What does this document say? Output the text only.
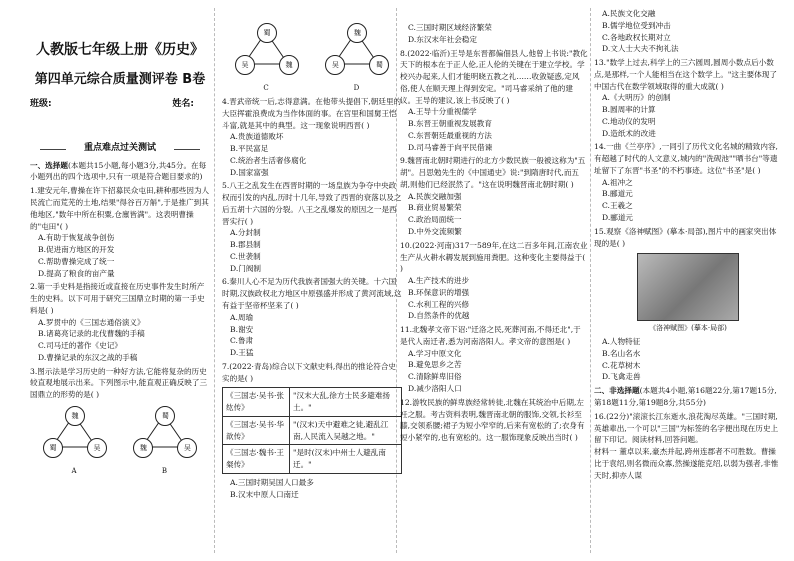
人教版七年级上册《历史》
第四单元综合质量测评卷 B卷
班级:	姓名:
重点难点过关测试
一、选择题(本题共15小题,每小题3分,共45分。在每小题列出的四个选项中,只有一项是符合题目要求的)
1.建安元年,曹操在许下招募民众屯田,耕种那些因为人民流亡而荒芜的土地,结果"得谷百万斛",于是推广到其他地区,"数年中所在积粟,仓廪皆满"。这表明曹操的"屯田"( )
A.有助于恢复战争创伤
B.促进南方地区的开发
C.帮助曹操完成了统一
D.提高了粮食的亩产量
2.第一手史料是指接近或直接在历史事件发生时所产生的史料。以下可用于研究三国鼎立时期的第一手史料是( )
A.罗贯中的《三国志通俗演义》
B.诸葛亮记录的北伐曹魏的手稿
C.司马迁的著作《史记》
D.曹操记录的东汉之战的手稿
3.图示法是学习历史的一种好方法,它能将复杂的历史较直观地展示出来。下列图示中,能直观正确反映了三国鼎立的形势的是( )
魏
蜀	吴
A

蜀
魏	吴
B
蜀
吴	魏
C

魏
吴	蜀
D
4.晋武帝统一后,志得意满。在他带头提倡下,朝廷里的大臣挥霍浪费成为当作体面的事。在宫里和国舅王恺斗富,就是其中的典型。这一现象说明西晋( )
A.贵族道德败坏
B.平民富足
C.统治者生活奢侈腐化
D.国家富强
5.八王之乱发生在西晋时期的一场皇族为争夺中央政权而引发的内乱,历时十几年,导致了西晋的衰落以及之后五胡十六国的分裂。八王之乱爆发的原因之一是西晋实行( )
A.分封制
B.郡县制
C.世袭制
D.门阀制
6.秦川人心不足为历代我族者国强大的关键。十六国时期,汉族政权北方地区中原强盛并形成了黄河流域,这有益于坚帝杯坚来了( )
A.周瑜
B.谢安
C.鲁肃
D.王猛
7.(2022·青岛)综合以下文献史料,得出的推论符合史实的是( )
《三国志·吴书·张纮传》
"汉末大乱,徐方士民多避难扬土。"
《三国志·吴书·华歆传》
"(汉末)天中避难之徒,避乱江南,人民流入吴越之地。"
《三国志·魏书·王粲传》
"是时(汉末)中州士人避乱南迁。"
A.三国时期吴国人口最多
B.汉末中原人口南迁
C.三国时期区域经济繁荣
D.东汉末年社会稳定
8.(2022·临沂)王导是东晋都偏佃县人,他曾上书说:"教化天下的根本在于正人伦,正人伦的关键在于建立学校。学校兴办起来,人们才能明晓五教之礼……收敛疑惑,定风俗,使人在顺天理上得到安定。"司马睿采纳了他的建议。王导的建议,该上书反映了( )
A.王导十分重视儒学
B.东晋王朝重视发展教育
C.东晋朝廷最重视的方法
D.司马睿善于向平民借谏
9.魏晋南北朝时期进行的北方少数民族一般被这称为"五胡"。吕思勉先生的《中国通史》说:"到隋唐时代,而五胡,则他们已经泯然了。"这在说明魏晋南北朝时期( )
A.民族交融加强
B.商业贸易繁荣
C.政治局面统一
D.中外交流频繁
10.(2022·河南)317一589年,在这二百多年间,江南农业生产从火耕水耨发展到施用粪肥。这种变化主要得益于( )
A.生产技术的进步
B.环保意识的增强
C.水利工程的兴修
D.自然条件的优越
11.北魏孝文帝下诏:"迁洛之民,死葬河南,不得还北",于是代人南迁者,悉为河南洛阳人。孝文帝的意图是( )
A.学习中原文化
B.避免思乡之苦
C.清除鲜卑旧俗
D.减少洛阳人口
12.游牧民族的鲜卑族经常转徙,北魏在其统治中后期,左衽之服。考古资料表明,魏晋南北朝的服饰,交领,长衫至膝,交领系腰;裙子为短小窄窄的,后来有宽松的了;衣身有短小紧窄的,也有宽松的。这一服饰现象反映出当时( )
A.民族文化交融
B.儒学地位受到冲击
C.各地政权长期对立
D.文人士大夫不拘礼法
13."数学上过去,科学上的三六圆周,圆周小数点后小数点,是那样,一个人能相当在这个数学上。"这主要体现了中国古代在数学领域取得的重大成就( )
A.《大明历》的创制
B.圆周率的计算
C.地动仪的发明
D.造纸术的改进
14.一曲《兰亭序》,一同引了历代文化名城的精致内容,有超越了时代的人文意义,城内的"洗砚池""晒书台"等遗址留下了东晋"书圣"的不朽事迹。这位"书圣"是( )
A.祖冲之
B.郦道元
C.王羲之
D.郦道元
15.观察《洛神赋图》(摹本·局部),图片中的画家突出体现的是( )
《洛神赋图》(摹本·局部)
A.人物特征
B.名山名水
C.花草树木
D.飞禽走兽
二、非选择题(本题共4小题,第16题22分,第17题15分,第18题11分,第19题8分,共55分)
16.(22分)"滚滚长江东逝水,浪花淘尽英雄。"三国时期,英雄辈出,一个可以"三国"为标签的名字便出现在历史上留下印记。阅读材料,回答问题。
材料一 董卓以来,豪杰并起,跨州连郡者不可胜数。曹操比于袁绍,则名微而众寡,然操遂能克绍,以弱为强者,非惟天时,抑亦人谋
